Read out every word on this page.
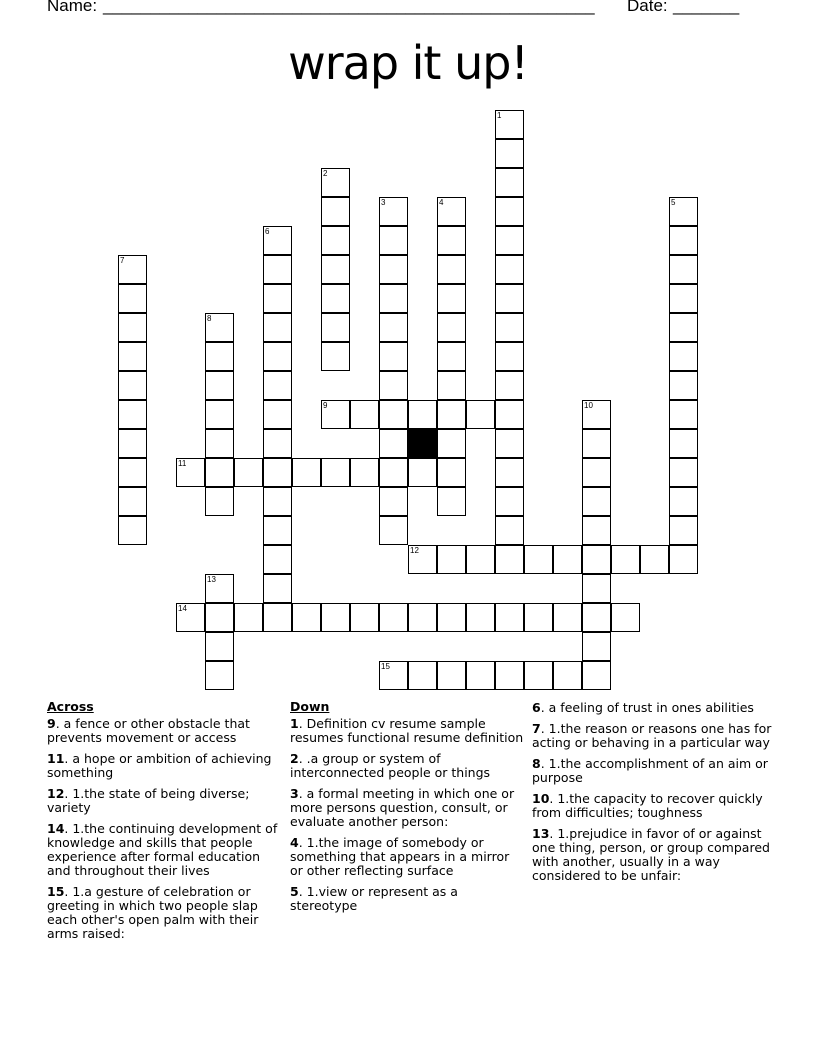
Name: ____________________________________________________ Date: _______
wrap it up!
1
2
3	4	5
6
7
8
9	10
11
12
13
14
15
Across
9. a fence or other obstacle that prevents movement or access
11. a hope or ambition of achieving something
12. 1.the state of being diverse; variety
14. 1.the continuing development of knowledge and skills that people experience after formal education and throughout their lives
15. 1.a gesture of celebration or greeting in which two people slap each other's open palm with their arms raised:
Down
1. Definition cv resume sample resumes functional resume definition
2. .a group or system of interconnected people or things
3. a formal meeting in which one or more persons question, consult, or evaluate another person:
4. 1.the image of somebody or something that appears in a mirror or other reflecting surface
5. 1.view or represent as a stereotype
6. a feeling of trust in ones abilities
7. 1.the reason or reasons one has for acting or behaving in a particular way
8. 1.the accomplishment of an aim or purpose
10. 1.the capacity to recover quickly from difficulties; toughness
13. 1.prejudice in favor of or against one thing, person, or group compared with another, usually in a way considered to be unfair:
